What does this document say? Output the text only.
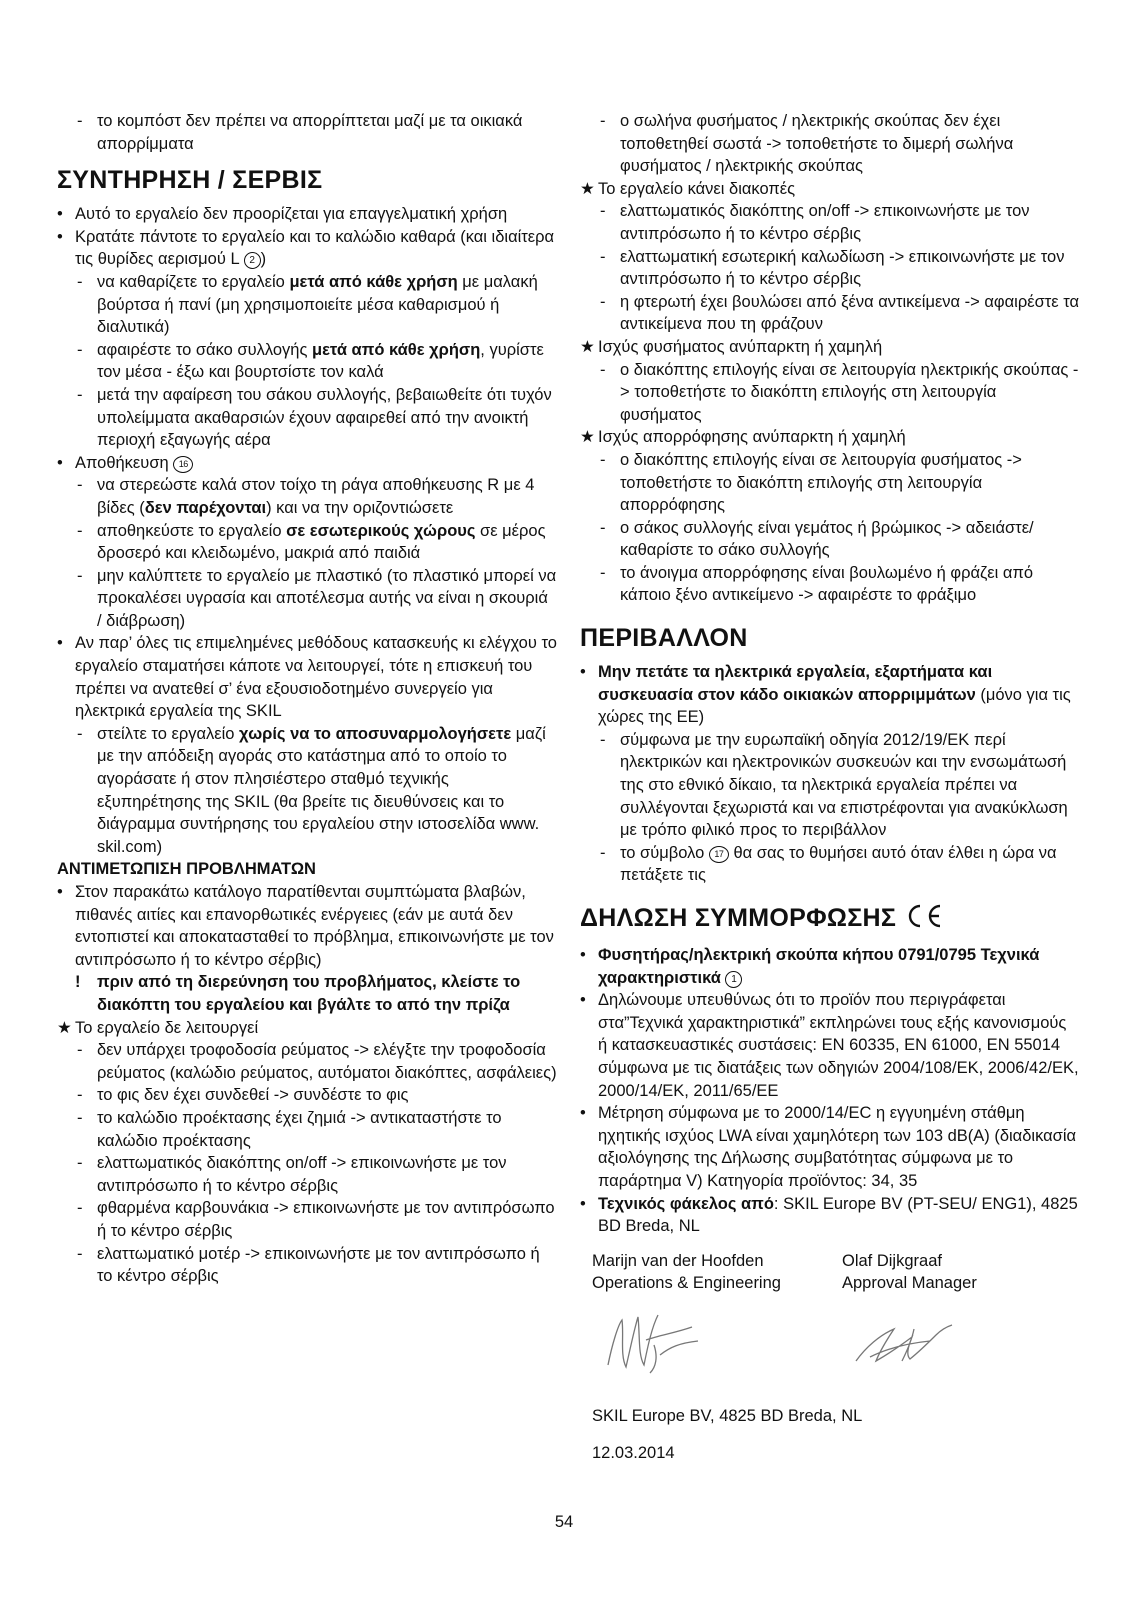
- το κομπόστ δεν πρέπει να απορρίπτεται μαζί με τα οικιακά απορρίμματα
ΣΥΝΤΗΡΗΣΗ / ΣΕΡΒΙΣ
• Αυτό το εργαλείο δεν προορίζεται για επαγγελματική χρήση
• Κρατάτε πάντοτε το εργαλείο και το καλώδιο καθαρά (και ιδιαίτερα τις θυρίδες αερισμού L 2 )
- να καθαρίζετε το εργαλείο μετά από κάθε χρήση με μαλακή βούρτσα ή πανί (μη χρησιμοποιείτε μέσα καθαρισμού ή διαλυτικά)
- αφαιρέστε το σάκο συλλογής μετά από κάθε χρήση, γυρίστε τον μέσα - έξω και βουρτσίστε τον καλά
- μετά την αφαίρεση του σάκου συλλογής, βεβαιωθείτε ότι τυχόν υπολείμματα ακαθαρσιών έχουν αφαιρεθεί από την ανοικτή περιοχή εξαγωγής αέρα
• Αποθήκευση 16
- να στερεώστε καλά στον τοίχο τη ράγα αποθήκευσης R με 4 βίδες (δεν παρέχονται) και να την οριζοντιώσετε
- αποθηκεύστε το εργαλείο σε εσωτερικούς χώρους σε μέρος δροσερό και κλειδωμένο, μακριά από παιδιά
- μην καλύπτετε το εργαλείο με πλαστικό (το πλαστικό μπορεί να προκαλέσει υγρασία και αποτέλεσμα αυτής να είναι η σκουριά / διάβρωση)
• Αν παρ’ όλες τις επιμελημένες μεθόδους κατασκευής κι ελέγχου το εργαλείο σταματήσει κάποτε να λειτουργεί, τότε η επισκευή του πρέπει να ανατεθεί σ’ ένα εξουσιοδοτημένο συνεργείο για ηλεκτρικά εργαλεία της SKIL
- στείλτε το εργαλείο χωρίς να το αποσυναρμολογήσετε μαζί με την απόδειξη αγοράς στο κατάστημα από το οποίο το αγοράσατε ή στον πλησιέστερο σταθμό τεχνικής εξυπηρέτησης της SKIL (θα βρείτε τις διευθύνσεις και το διάγραμμα συντήρησης του εργαλείου στην ιστοσελίδα www. skil.com)
ΑΝΤΙΜΕΤΩΠΙΣΗ ΠΡΟΒΛΗΜΑΤΩΝ
• Στον παρακάτω κατάλογο παρατίθενται συμπτώματα βλαβών, πιθανές αιτίες και επανορθωτικές ενέργειες (εάν με αυτά δεν εντοπιστεί και αποκατασταθεί το πρόβλημα, επικοινωνήστε με τον αντιπρόσωπο ή το κέντρο σέρβις)
!	πριν από τη διερεύνηση του προβλήματος, κλείστε το διακόπτη του εργαλείου και βγάλτε το από την πρίζα
★ Το εργαλείο δε λειτουργεί
- δεν υπάρχει τροφοδοσία ρεύματος -> ελέγξτε την τροφοδοσία ρεύματος (καλώδιο ρεύματος, αυτόματοι διακόπτες, ασφάλειες)
- το φις δεν έχει συνδεθεί -> συνδέστε το φις
- το καλώδιο προέκτασης έχει ζημιά -> αντικαταστήστε το καλώδιο προέκτασης
- ελαττωματικός διακόπτης on/off -> επικοινωνήστε με τον αντιπρόσωπο ή το κέντρο σέρβις
- φθαρμένα καρβουνάκια -> επικοινωνήστε με τον αντιπρόσωπο ή το κέντρο σέρβις
- ελαττωματικό μοτέρ -> επικοινωνήστε με τον αντιπρόσωπο ή το κέντρο σέρβις
- ο σωλήνα φυσήματος / ηλεκτρικής σκούπας δεν έχει τοποθετηθεί σωστά -> τοποθετήστε το διμερή σωλήνα φυσήματος / ηλεκτρικής σκούπας
★ Το εργαλείο κάνει διακοπές
- ελαττωματικός διακόπτης on/off -> επικοινωνήστε με τον αντιπρόσωπο ή το κέντρο σέρβις
- ελαττωματική εσωτερική καλωδίωση -> επικοινωνήστε με τον αντιπρόσωπο ή το κέντρο σέρβις
- η φτερωτή έχει βουλώσει από ξένα αντικείμενα -> αφαιρέστε τα αντικείμενα που τη φράζουν
★ Ισχύς φυσήματος ανύπαρκτη ή χαμηλή
- ο διακόπτης επιλογής είναι σε λειτουργία ηλεκτρικής σκούπας -> τοποθετήστε το διακόπτη επιλογής στη λειτουργία φυσήματος
★ Ισχύς απορρόφησης ανύπαρκτη ή χαμηλή
- ο διακόπτης επιλογής είναι σε λειτουργία φυσήματος -> τοποθετήστε το διακόπτη επιλογής στη λειτουργία απορρόφησης
- ο σάκος συλλογής είναι γεμάτος ή βρώμικος -> αδειάστε/ καθαρίστε το σάκο συλλογής
- το άνοιγμα απορρόφησης είναι βουλωμένο ή φράζει από κάποιο ξένο αντικείμενο -> αφαιρέστε το φράξιμο
ΠΕΡΙΒΑΛΛΟΝ
• Μην πετάτε τα ηλεκτρικά εργαλεία, εξαρτήματα και συσκευασία στον κάδο οικιακών απορριμμάτων (μόνο για τις χώρες της ΕΕ)
- σύμφωνα με την ευρωπαϊκή οδηγία 2012/19/ΕΚ περί ηλεκτρικών και ηλεκτρονικών συσκευών και την ενσωμάτωσή της στο εθνικό δίκαιο, τα ηλεκτρικά εργαλεία πρέπει να συλλέγονται ξεχωριστά και να επιστρέφονται για ανακύκλωση με τρόπο φιλικό προς το περιβάλλον
- το σύμβολο 17 θα σας το θυμήσει αυτό όταν έλθει η ώρα να πετάξετε τις
ΔΗΛΩΣΗ ΣΥΜΜΟΡΦΩΣΗΣ
• Φυσητήρας/ηλεκτρική σκούπα κήπου 0791/0795 Τεχνικά χαρακτηριστικά 1
• Δηλώνουμε υπευθύνως ότι το προϊόν που περιγράφεται στα”Τεχνικά χαρακτηριστικά” εκπληρώνει τους εξής κανονισμούς ή κατασκευαστικές συστάσεις: EN 60335, EN 61000, EN 55014 σύμφωνα με τις διατάξεις των οδηγιών 2004/108/ΕΚ, 2006/42/ΕΚ, 2000/14/ΕΚ, 2011/65/ΕΕ
• Μέτρηση σύμφωνα με το 2000/14/EC η εγγυημένη στάθμη ηχητικής ισχύος LWA είναι χαμηλότερη των 103 dB(A) (διαδικασία αξιολόγησης της Δήλωσης συμβατότητας σύμφωνα με το παράρτημα V) Κατηγορία προϊόντος: 34, 35
• Τεχνικός φάκελος από: SKIL Europe BV (PT-SEU/ ENG1), 4825 BD Breda, NL
Marijn van der Hoofden
Operations & Engineering
Olaf Dijkgraaf
Approval Manager
SKIL Europe BV, 4825 BD Breda, NL
12.03.2014
54
